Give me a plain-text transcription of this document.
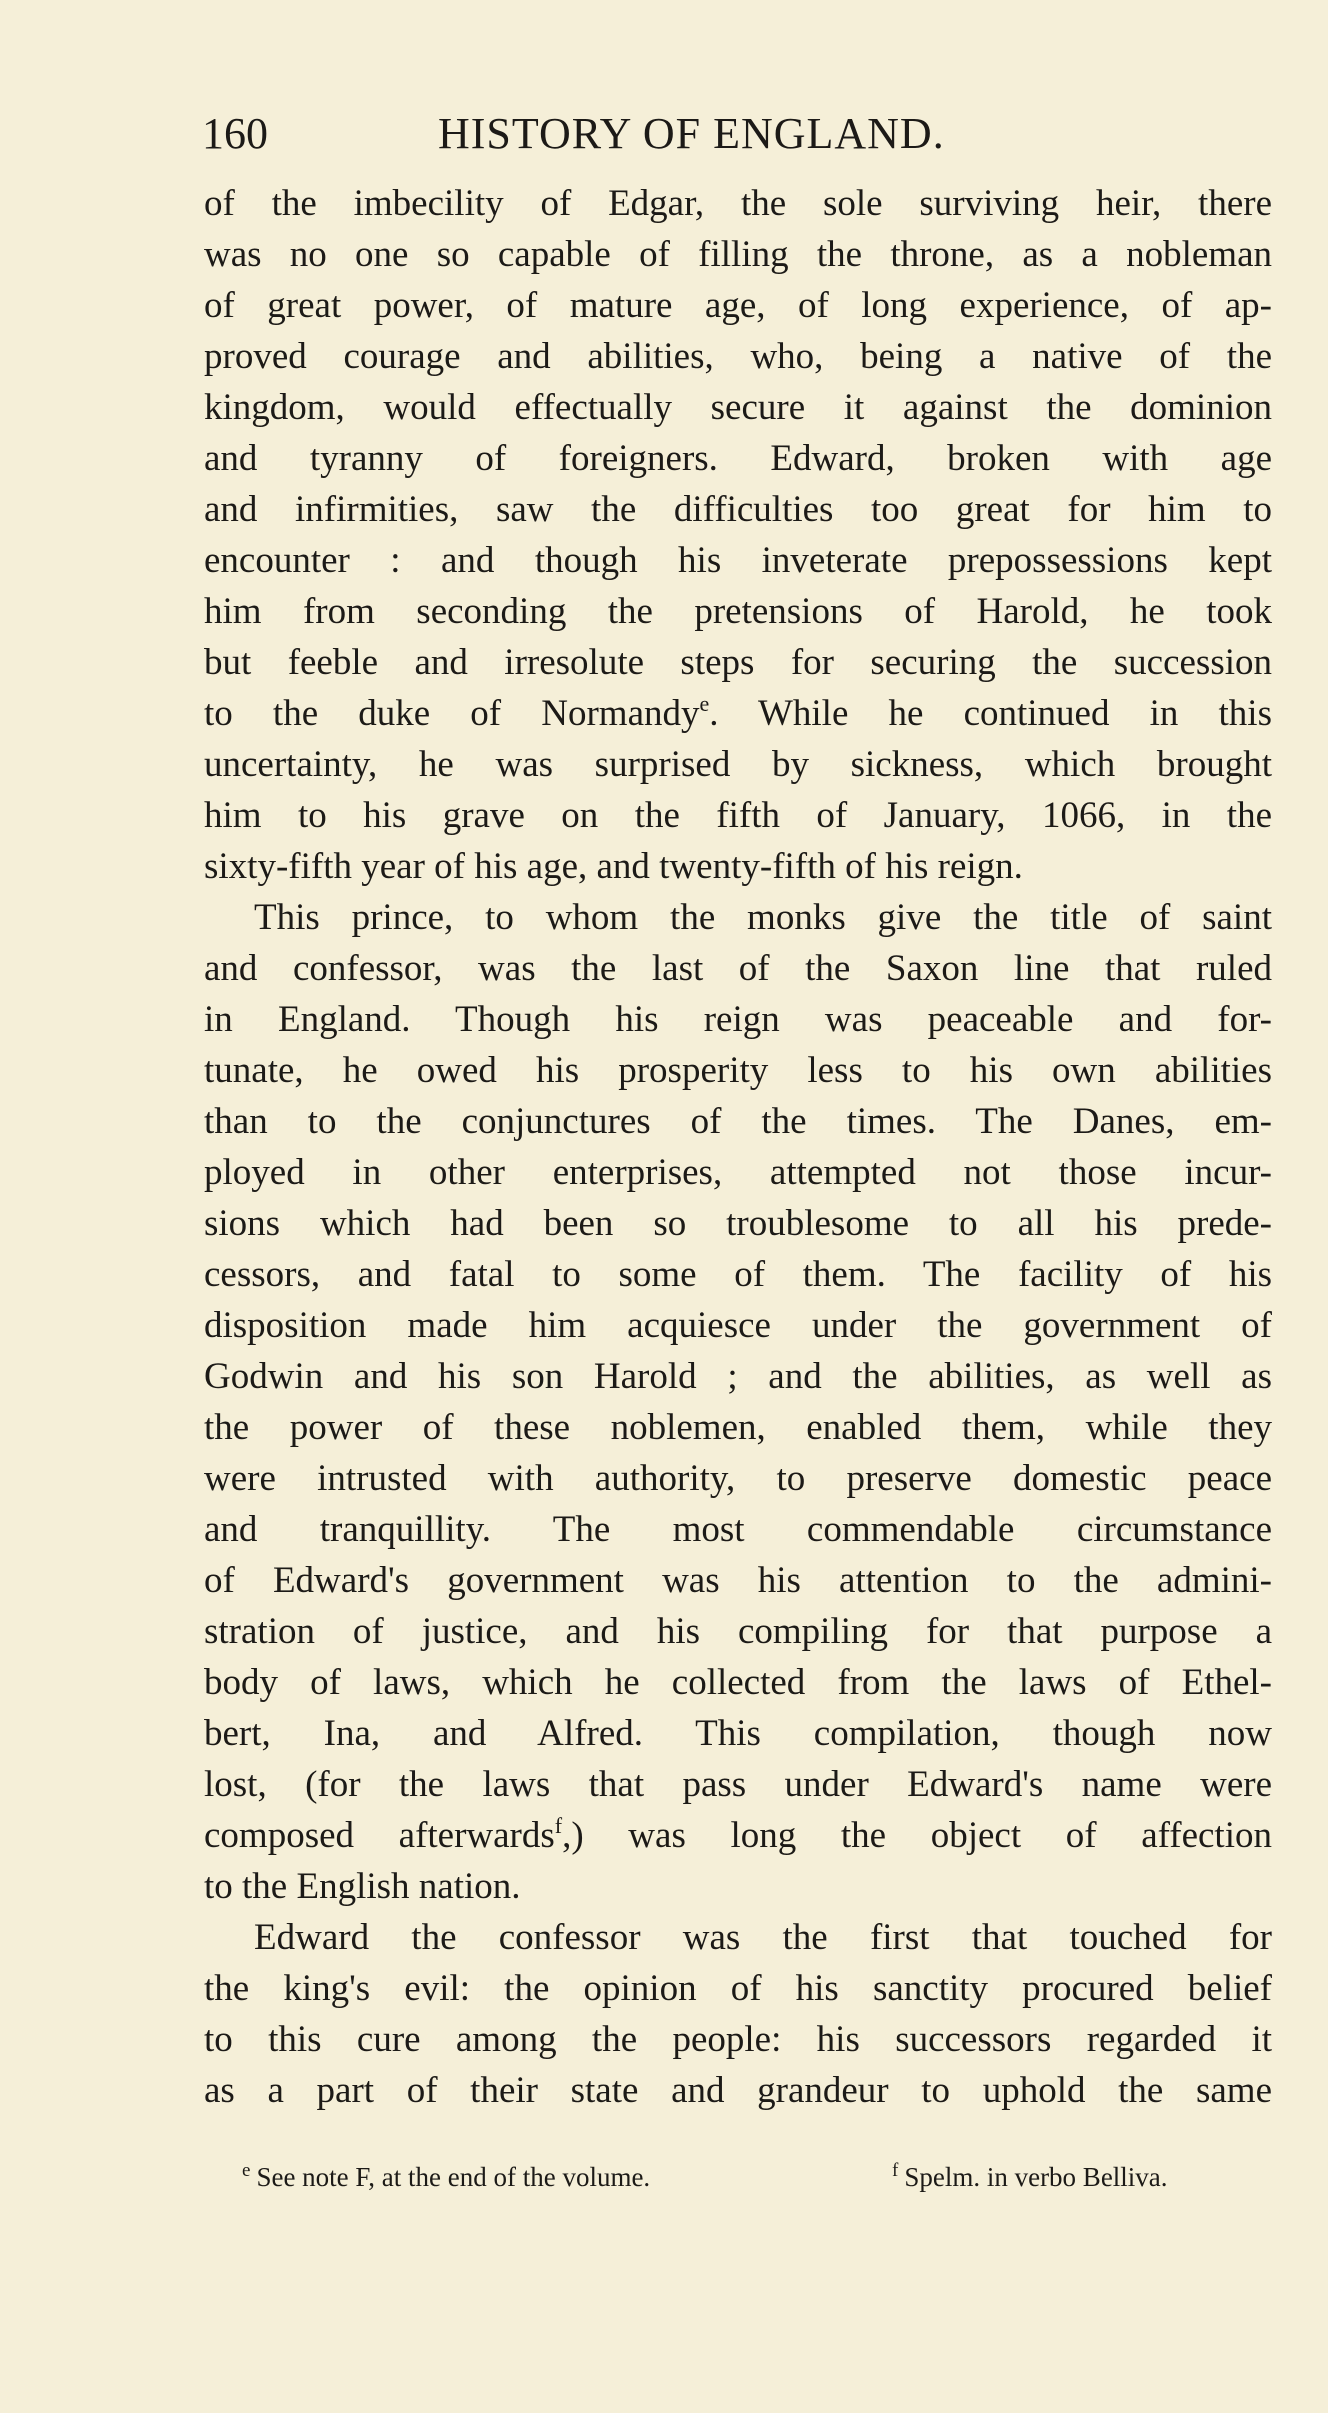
160	HISTORY OF ENGLAND.
of the imbecility of Edgar, the sole surviving heir, there
was no one so capable of filling the throne, as a nobleman
of great power, of mature age, of long experience, of ap-
proved courage and abilities, who, being a native of the
kingdom, would effectually secure it against the dominion
and tyranny of foreigners. Edward, broken with age
and infirmities, saw the difficulties too great for him to
encounter : and though his inveterate prepossessions kept
him from seconding the pretensions of Harold, he took
but feeble and irresolute steps for securing the succession
to the duke of Normandy$^e$. While he continued in this
uncertainty, he was surprised by sickness, which brought
him to his grave on the fifth of January, 1066, in the
sixty-fifth year of his age, and twenty-fifth of his reign.
This prince, to whom the monks give the title of saint
and confessor, was the last of the Saxon line that ruled
in England. Though his reign was peaceable and for-
tunate, he owed his prosperity less to his own abilities
than to the conjunctures of the times. The Danes, em-
ployed in other enterprises, attempted not those incur-
sions which had been so troublesome to all his prede-
cessors, and fatal to some of them. The facility of his
disposition made him acquiesce under the government of
Godwin and his son Harold ; and the abilities, as well as
the power of these noblemen, enabled them, while they
were intrusted with authority, to preserve domestic peace
and tranquillity. The most commendable circumstance
of Edward's government was his attention to the admini-
stration of justice, and his compiling for that purpose a
body of laws, which he collected from the laws of Ethel-
bert, Ina, and Alfred. This compilation, though now
lost, (for the laws that pass under Edward's name were
composed afterwards$^f$,) was long the object of affection
to the English nation.
Edward the confessor was the first that touched for
the king's evil: the opinion of his sanctity procured belief
to this cure among the people: his successors regarded it
as a part of their state and grandeur to uphold the same
$^e$ See note F, at the end of the volume.	$^f$ Spelm. in verbo Belliva.
